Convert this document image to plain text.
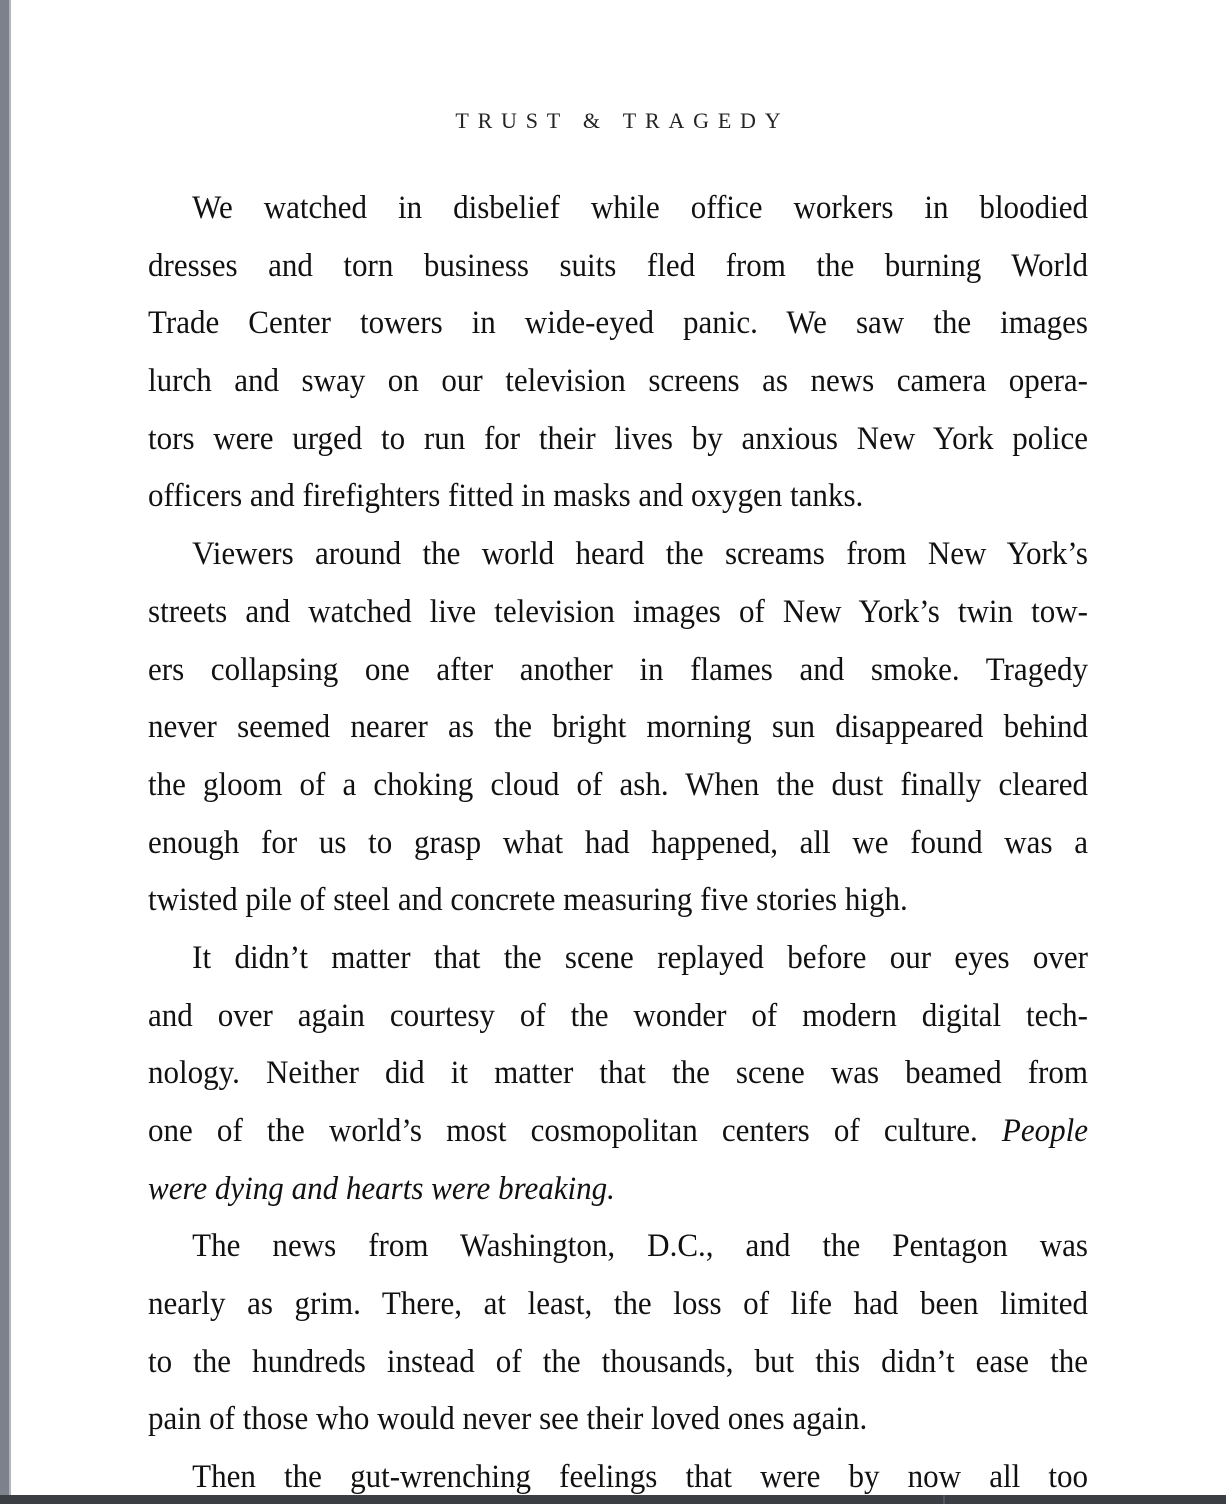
TRUST & TRAGEDY
We watched in disbelief while office workers in bloodied
dresses and torn business suits fled from the burning World
Trade Center towers in wide-eyed panic. We saw the images
lurch and sway on our television screens as news camera opera-
tors were urged to run for their lives by anxious New York police
officers and firefighters fitted in masks and oxygen tanks.
Viewers around the world heard the screams from New York’s
streets and watched live television images of New York’s twin tow-
ers collapsing one after another in flames and smoke. Tragedy
never seemed nearer as the bright morning sun disappeared behind
the gloom of a choking cloud of ash. When the dust finally cleared
enough for us to grasp what had happened, all we found was a
twisted pile of steel and concrete measuring five stories high.
It didn’t matter that the scene replayed before our eyes over
and over again courtesy of the wonder of modern digital tech-
nology. Neither did it matter that the scene was beamed from
one of the world’s most cosmopolitan centers of culture. People
were dying and hearts were breaking.
The news from Washington, D.C., and the Pentagon was
nearly as grim. There, at least, the loss of life had been limited
to the hundreds instead of the thousands, but this didn’t ease the
pain of those who would never see their loved ones again.
Then the gut-wrenching feelings that were by now all too
